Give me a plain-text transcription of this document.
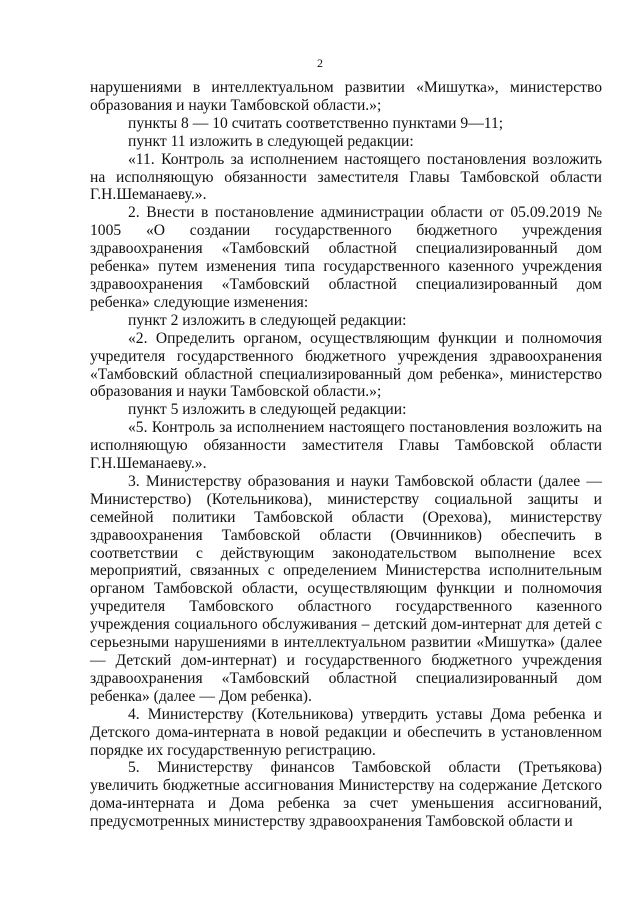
2

нарушениями в интеллектуальном развитии «Мишутка», министерство образования и науки Тамбовской области.»;

пункты 8 — 10 считать соответственно пунктами 9—11;

пункт 11 изложить в следующей редакции:

«11. Контроль за исполнением настоящего постановления возложить на исполняющую обязанности заместителя Главы Тамбовской области Г.Н.Шеманаеву.».

2. Внести в постановление администрации области от 05.09.2019 № 1005 «О создании государственного бюджетного учреждения здравоохранения «Тамбовский областной специализированный дом ребенка» путем изменения типа государственного казенного учреждения здравоохранения «Тамбовский областной специализированный дом ребенка» следующие изменения:

пункт 2 изложить в следующей редакции:

«2. Определить органом, осуществляющим функции и полномочия учредителя государственного бюджетного учреждения здравоохранения «Тамбовский областной специализированный дом ребенка», министерство образования и науки Тамбовской области.»;

пункт 5 изложить в следующей редакции:

«5. Контроль за исполнением настоящего постановления возложить на исполняющую обязанности заместителя Главы Тамбовской области Г.Н.Шеманаеву.».

3. Министерству образования и науки Тамбовской области (далее — Министерство) (Котельникова), министерству социальной защиты и семейной политики Тамбовской области (Орехова), министерству здравоохранения Тамбовской области (Овчинников) обеспечить в соответствии с действующим законодательством выполнение всех мероприятий, связанных с определением Министерства исполнительным органом Тамбовской области, осуществляющим функции и полномочия учредителя Тамбовского областного государственного казенного учреждения социального обслуживания – детский дом-интернат для детей с серьезными нарушениями в интеллектуальном развитии «Мишутка» (далее — Детский дом-интернат) и государственного бюджетного учреждения здравоохранения «Тамбовский областной специализированный дом ребенка» (далее — Дом ребенка).

4. Министерству (Котельникова) утвердить уставы Дома ребенка и Детского дома-интерната в новой редакции и обеспечить в установленном порядке их государственную регистрацию.

5. Министерству финансов Тамбовской области (Третьякова) увеличить бюджетные ассигнования Министерству на содержание Детского дома-интерната и Дома ребенка за счет уменьшения ассигнований, предусмотренных министерству здравоохранения Тамбовской области и
